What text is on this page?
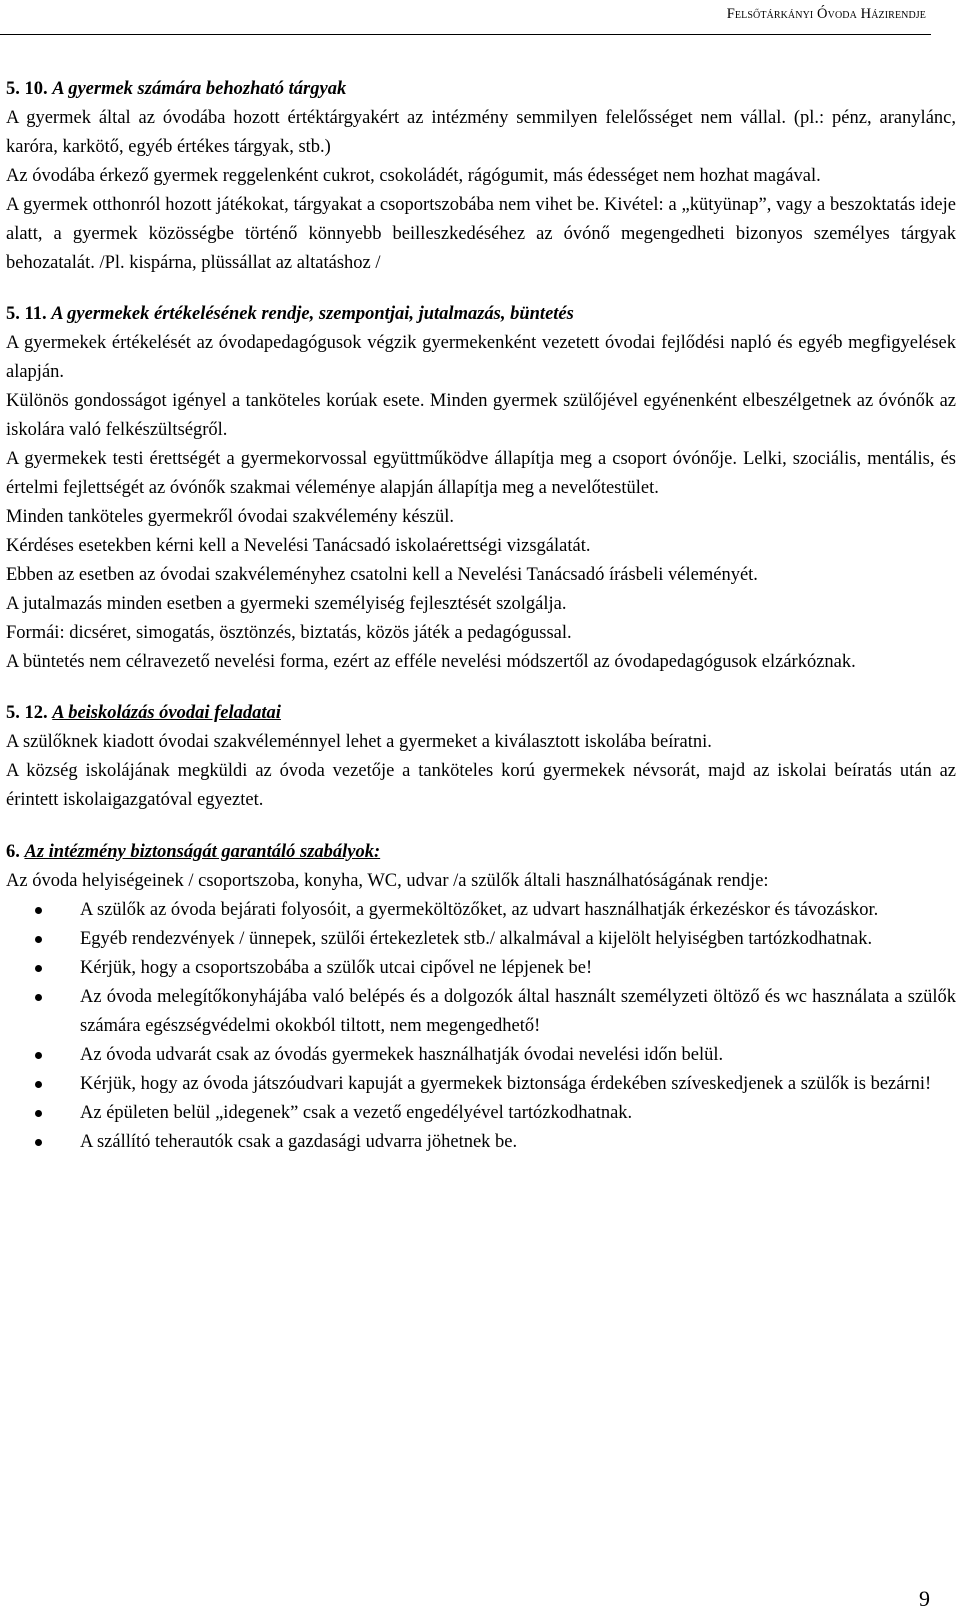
Felsőtárkányi Óvoda Házirendje
5. 10. A gyermek számára behozható tárgyak

A gyermek által az óvodába hozott értéktárgyakért az intézmény semmilyen felelősséget nem vállal. (pl.: pénz, aranylánc, karóra, karkötő, egyéb értékes tárgyak, stb.)

Az óvodába érkező gyermek reggelenként cukrot, csokoládét, rágógumit, más édességet nem hozhat magával.

A gyermek otthonról hozott játékokat, tárgyakat a csoportszobába nem vihet be. Kivétel: a „kütyünap”, vagy a beszoktatás ideje alatt, a gyermek közösségbe történő könnyebb beilleszkedéséhez az óvónő megengedheti bizonyos személyes tárgyak behozatalát. /Pl. kispárna, plüssállat az altatáshoz /

5. 11. A gyermekek értékelésének rendje, szempontjai, jutalmazás, büntetés

A gyermekek értékelését az óvodapedagógusok végzik gyermekenként vezetett óvodai fejlődési napló és egyéb megfigyelések alapján.

Különös gondosságot igényel a tanköteles korúak esete. Minden gyermek szülőjével egyénenként elbeszélgetnek az óvónők az iskolára való felkészültségről.

A gyermekek testi érettségét a gyermekorvossal együttműködve állapítja meg a csoport óvónője. Lelki, szociális, mentális, és értelmi fejlettségét az óvónők szakmai véleménye alapján állapítja meg a nevelőtestület.

Minden tanköteles gyermekről óvodai szakvélemény készül.

Kérdéses esetekben kérni kell a Nevelési Tanácsadó iskolaérettségi vizsgálatát.

Ebben az esetben az óvodai szakvéleményhez csatolni kell a Nevelési Tanácsadó írásbeli véleményét.

A jutalmazás minden esetben a gyermeki személyiség fejlesztését szolgálja.

Formái: dicséret, simogatás, ösztönzés, biztatás, közös játék a pedagógussal.

A büntetés nem célravezető nevelési forma, ezért az efféle nevelési módszertől az óvodapedagógusok elzárkóznak.

5. 12. A beiskolázás óvodai feladatai

A szülőknek kiadott óvodai szakvéleménnyel lehet a gyermeket a kiválasztott iskolába beíratni.

A község iskolájának megküldi az óvoda vezetője a tanköteles korú gyermekek névsorát, majd az iskolai beíratás után az érintett iskolaigazgatóval egyeztet.

6. Az intézmény biztonságát garantáló szabályok:

Az óvoda helyiségeinek / csoportszoba, konyha, WC, udvar /a szülők általi használhatóságának rendje:

A szülők az óvoda bejárati folyosóit, a gyermeköltözőket, az udvart használhatják érkezéskor és távozáskor.
Egyéb rendezvények / ünnepek, szülői értekezletek stb./ alkalmával a kijelölt helyiségben tartózkodhatnak.
Kérjük, hogy a csoportszobába a szülők utcai cipővel ne lépjenek be!
Az óvoda melegítőkonyhájába való belépés és a dolgozók által használt személyzeti öltöző és wc használata a szülők számára egészségvédelmi okokból tiltott, nem megengedhető!
Az óvoda udvarát csak az óvodás gyermekek használhatják óvodai nevelési időn belül.
Kérjük, hogy az óvoda játszóudvari kapuját a gyermekek biztonsága érdekében szíveskedjenek a szülők is bezárni!
Az épületen belül „idegenek” csak a vezető engedélyével tartózkodhatnak.
A szállító teherautók csak a gazdasági udvarra jöhetnek be.
9
